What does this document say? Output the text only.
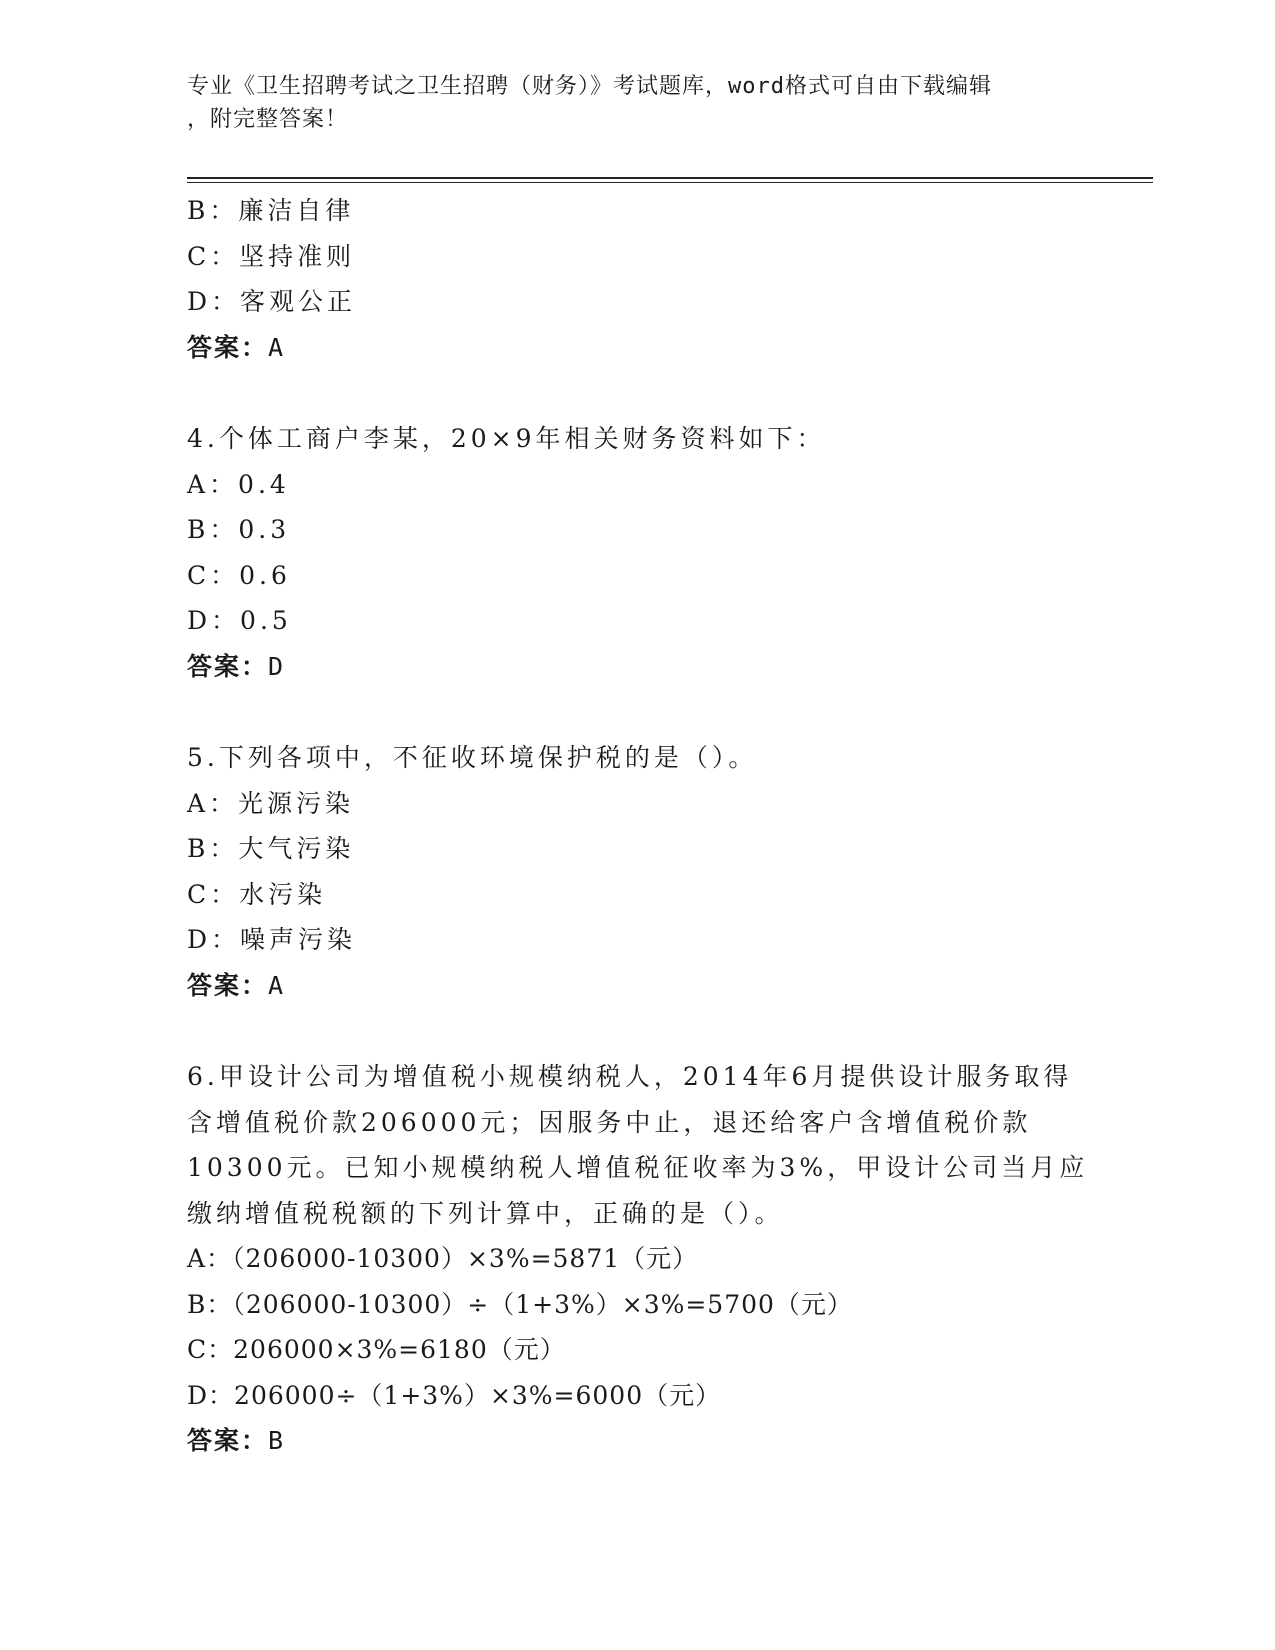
专业《卫生招聘考试之卫生招聘（财务）》考试题库，word格式可自由下载编辑
，附完整答案！
B：廉洁自律
C：坚持准则
D：客观公正
答案：A
4.个体工商户李某，20×9年相关财务资料如下：
A：0.4
B：0.3
C：0.6
D：0.5
答案：D
5.下列各项中，不征收环境保护税的是（）。
A：光源污染
B：大气污染
C：水污染
D：噪声污染
答案：A
6.甲设计公司为增值税小规模纳税人，2014年6月提供设计服务取得
含增值税价款206000元；因服务中止，退还给客户含增值税价款
10300元。已知小规模纳税人增值税征收率为3%，甲设计公司当月应
缴纳增值税税额的下列计算中，正确的是（）。
A：（206000-10300）×3%=5871（元）
B：（206000-10300）÷（1+3%）×3%=5700（元）
C：206000×3%=6180（元）
D：206000÷（1+3%）×3%=6000（元）
答案：B
